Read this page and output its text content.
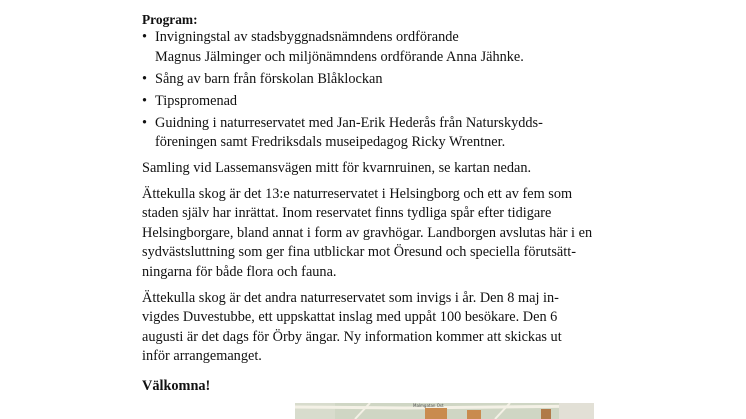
Program:
• Invigningstal av stadsbyggnadsnämndens ordförande
Magnus Jälminger och miljönämndens ordförande Anna Jähnke.
• Sång av barn från förskolan Blåklockan
• Tipspromenad
• Guidning i naturreservatet med Jan-Erik Hederås från Naturskydds-
föreningen samt Fredriksdals museipedagog Ricky Wrentner.

Samling vid Lassemansvägen mitt för kvarnruinen, se kartan nedan.

Ättekulla skog är det 13:e naturreservatet i Helsingborg och ett av fem som
staden själv har inrättat. Inom reservatet finns tydliga spår efter tidigare
Helsingborgare, bland annat i form av gravhögar. Landborgen avslutas här i en
sydvästsluttning som ger fina utblickar mot Öresund och speciella förutsätt-
ningarna för både flora och fauna.

Ättekulla skog är det andra naturreservatet som invigs i år. Den 8 maj in-
vigdes Duvestubbe, ett uppskattat inslag med uppåt 100 besökare. Den 6
augusti är det dags för Örby ängar. Ny information kommer att skickas ut
inför arrangemanget.

Välkomna!
Malmgatan Ost
